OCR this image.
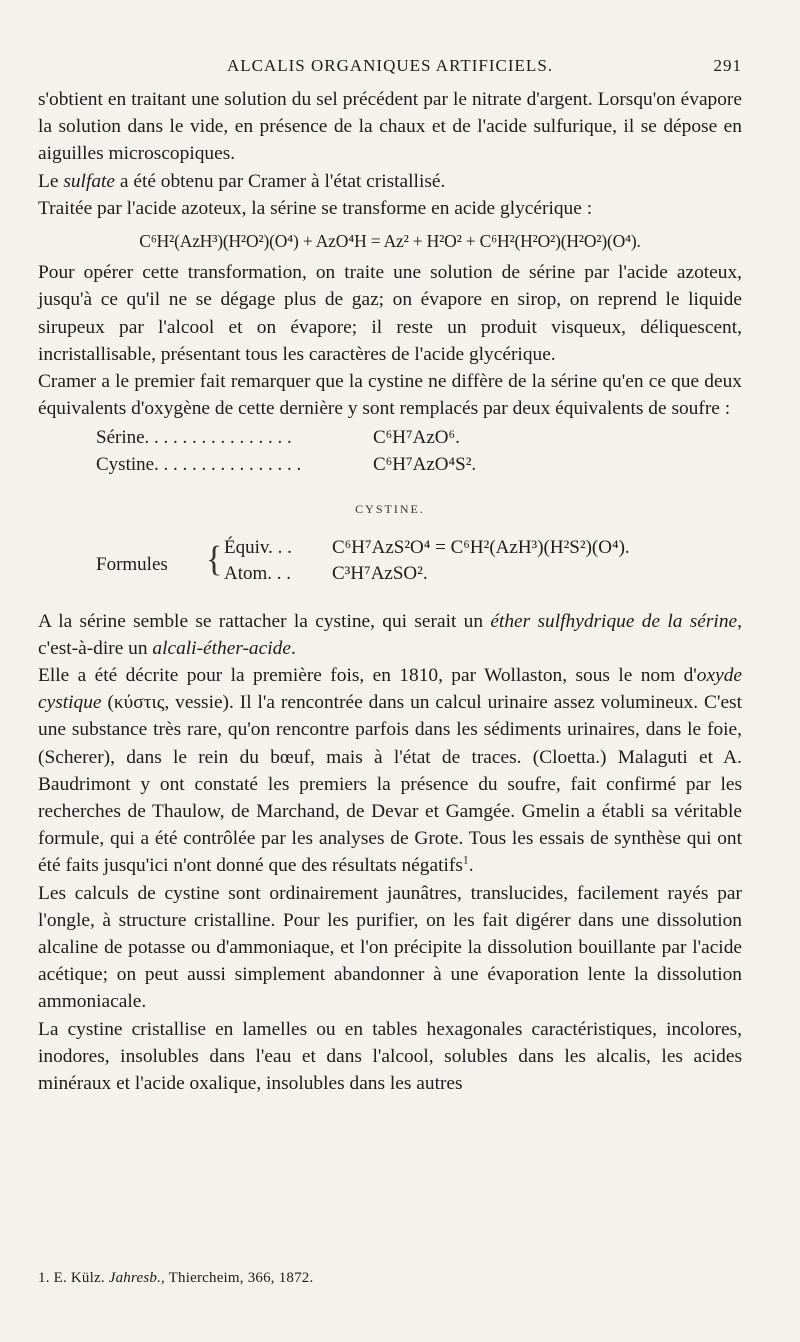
ALCALIS ORGANIQUES ARTIFICIELS.	291

s'obtient en traitant une solution du sel précédent par le nitrate d'argent. Lorsqu'on évapore la solution dans le vide, en présence de la chaux et de l'acide sulfurique, il se dépose en aiguilles microscopiques.

Le sulfate a été obtenu par Cramer à l'état cristallisé.

Traitée par l'acide azoteux, la sérine se transforme en acide glycérique :

C⁶H²(AzH³)(H²O²)(O⁴) + AzO⁴H = Az² + H²O² + C⁶H²(H²O²)(H²O²)(O⁴).

Pour opérer cette transformation, on traite une solution de sérine par l'acide azoteux, jusqu'à ce qu'il ne se dégage plus de gaz; on évapore en sirop, on reprend le liquide sirupeux par l'alcool et on évapore; il reste un produit visqueux, déliquescent, incristallisable, présentant tous les caractères de l'acide glycérique.

Cramer a le premier fait remarquer que la cystine ne diffère de la sérine qu'en ce que deux équivalents d'oxygène de cette dernière y sont remplacés par deux équivalents de soufre :

Sérine. . . . . . . . . . . . . . . .	C⁶H⁷AzO⁶.
Cystine. . . . . . . . . . . . . . . .	C⁶H⁷AzO⁴S².
CYSTINE.
Formules { Équiv. . . C⁶H⁷AzS²O⁴ = C⁶H²(AzH³)(H²S²)(O⁴).
Atom. . . C³H⁷AzSO².

A la sérine semble se rattacher la cystine, qui serait un éther sulfhydrique de la sérine, c'est-à-dire un alcali-éther-acide.

Elle a été décrite pour la première fois, en 1810, par Wollaston, sous le nom d'oxyde cystique (κύστις, vessie). Il l'a rencontrée dans un calcul urinaire assez volumineux. C'est une substance très rare, qu'on rencontre parfois dans les sédiments urinaires, dans le foie, (Scherer), dans le rein du bœuf, mais à l'état de traces. (Cloetta.) Malaguti et A. Baudrimont y ont constaté les premiers la présence du soufre, fait confirmé par les recherches de Thaulow, de Marchand, de Devar et Gamgée. Gmelin a établi sa véritable formule, qui a été contrôlée par les analyses de Grote. Tous les essais de synthèse qui ont été faits jusqu'ici n'ont donné que des résultats négatifs$^1$.

Les calculs de cystine sont ordinairement jaunâtres, translucides, facilement rayés par l'ongle, à structure cristalline. Pour les purifier, on les fait digérer dans une dissolution alcaline de potasse ou d'ammoniaque, et l'on précipite la dissolution bouillante par l'acide acétique; on peut aussi simplement abandonner à une évaporation lente la dissolution ammoniacale.

La cystine cristallise en lamelles ou en tables hexagonales caractéristiques, incolores, inodores, insolubles dans l'eau et dans l'alcool, solubles dans les alcalis, les acides minéraux et l'acide oxalique, insolubles dans les autres

1. E. Külz. Jahresb., Thiercheim, 366, 1872.
